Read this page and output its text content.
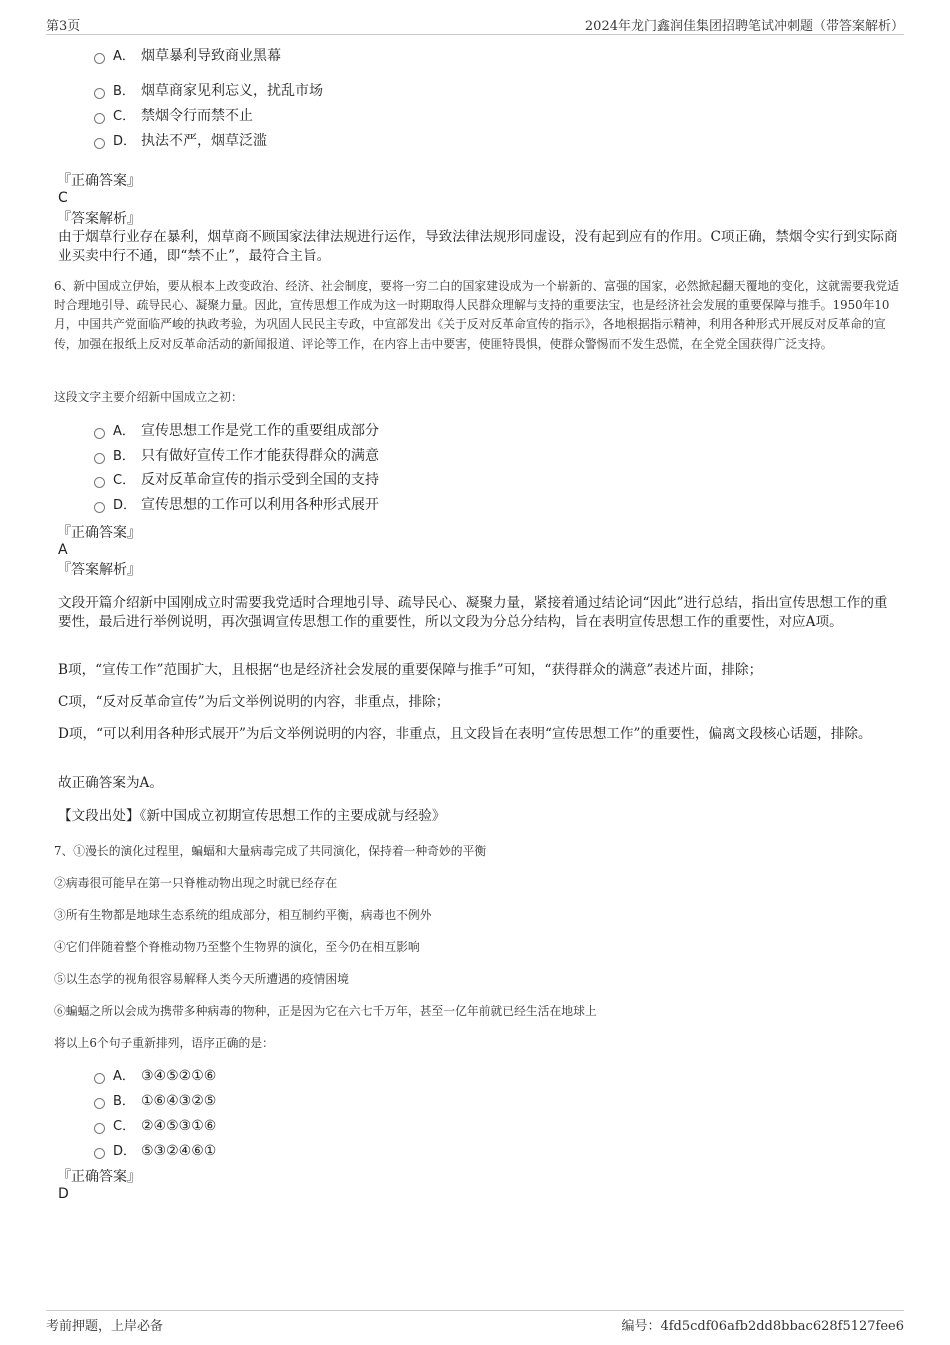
第3页	2024年龙门鑫润佳集团招聘笔试冲刺题（带答案解析）
A． 烟草暴利导致商业黑幕
B． 烟草商家见利忘义，扰乱市场
C． 禁烟令行而禁不止
D． 执法不严，烟草泛滥
『正确答案』
C
『答案解析』
由于烟草行业存在暴利，烟草商不顾国家法律法规进行运作，导致法律法规形同虚设，没有起到应有的作用。C项正确，禁烟令实行到实际商业买卖中行不通，即“禁不止”，最符合主旨。
6、新中国成立伊始，要从根本上改变政治、经济、社会制度，要将一穷二白的国家建设成为一个崭新的、富强的国家，必然掀起翻天覆地的变化，这就需要我党适时合理地引导、疏导民心、凝聚力量。因此，宣传思想工作成为这一时期取得人民群众理解与支持的重要法宝，也是经济社会发展的重要保障与推手。1950年10月，中国共产党面临严峻的执政考验，为巩固人民民主专政，中宣部发出《关于反对反革命宣传的指示》，各地根据指示精神，利用各种形式开展反对反革命的宣传，加强在报纸上反对反革命活动的新闻报道、评论等工作，在内容上击中要害，使匪特畏惧，使群众警惕而不发生恐慌，在全党全国获得广泛支持。
这段文字主要介绍新中国成立之初：
A． 宣传思想工作是党工作的重要组成部分
B． 只有做好宣传工作才能获得群众的满意
C． 反对反革命宣传的指示受到全国的支持
D． 宣传思想的工作可以利用各种形式展开
『正确答案』
A
『答案解析』
文段开篇介绍新中国刚成立时需要我党适时合理地引导、疏导民心、凝聚力量，紧接着通过结论词“因此”进行总结，指出宣传思想工作的重要性，最后进行举例说明，再次强调宣传思想工作的重要性，所以文段为分总分结构，旨在表明宣传思想工作的重要性，对应A项。
B项，“宣传工作”范围扩大，且根据“也是经济社会发展的重要保障与推手”可知，“获得群众的满意”表述片面，排除；
C项，“反对反革命宣传”为后文举例说明的内容，非重点，排除；
D项，“可以利用各种形式展开”为后文举例说明的内容，非重点，且文段旨在表明“宣传思想工作”的重要性，偏离文段核心话题，排除。
故正确答案为A。
【文段出处】《新中国成立初期宣传思想工作的主要成就与经验》
7、①漫长的演化过程里，蝙蝠和大量病毒完成了共同演化，保持着一种奇妙的平衡
②病毒很可能早在第一只脊椎动物出现之时就已经存在
③所有生物都是地球生态系统的组成部分，相互制约平衡，病毒也不例外
④它们伴随着整个脊椎动物乃至整个生物界的演化，至今仍在相互影响
⑤以生态学的视角很容易解释人类今天所遭遇的疫情困境
⑥蝙蝠之所以会成为携带多种病毒的物种，正是因为它在六七千万年，甚至一亿年前就已经生活在地球上
将以上6个句子重新排列，语序正确的是：
A． ③④⑤②①⑥
B． ①⑥④③②⑤
C． ②④⑤③①⑥
D． ⑤③②④⑥①
『正确答案』
D
考前押题，上岸必备	编号：4fd5cdf06afb2dd8bbac628f5127fee6
